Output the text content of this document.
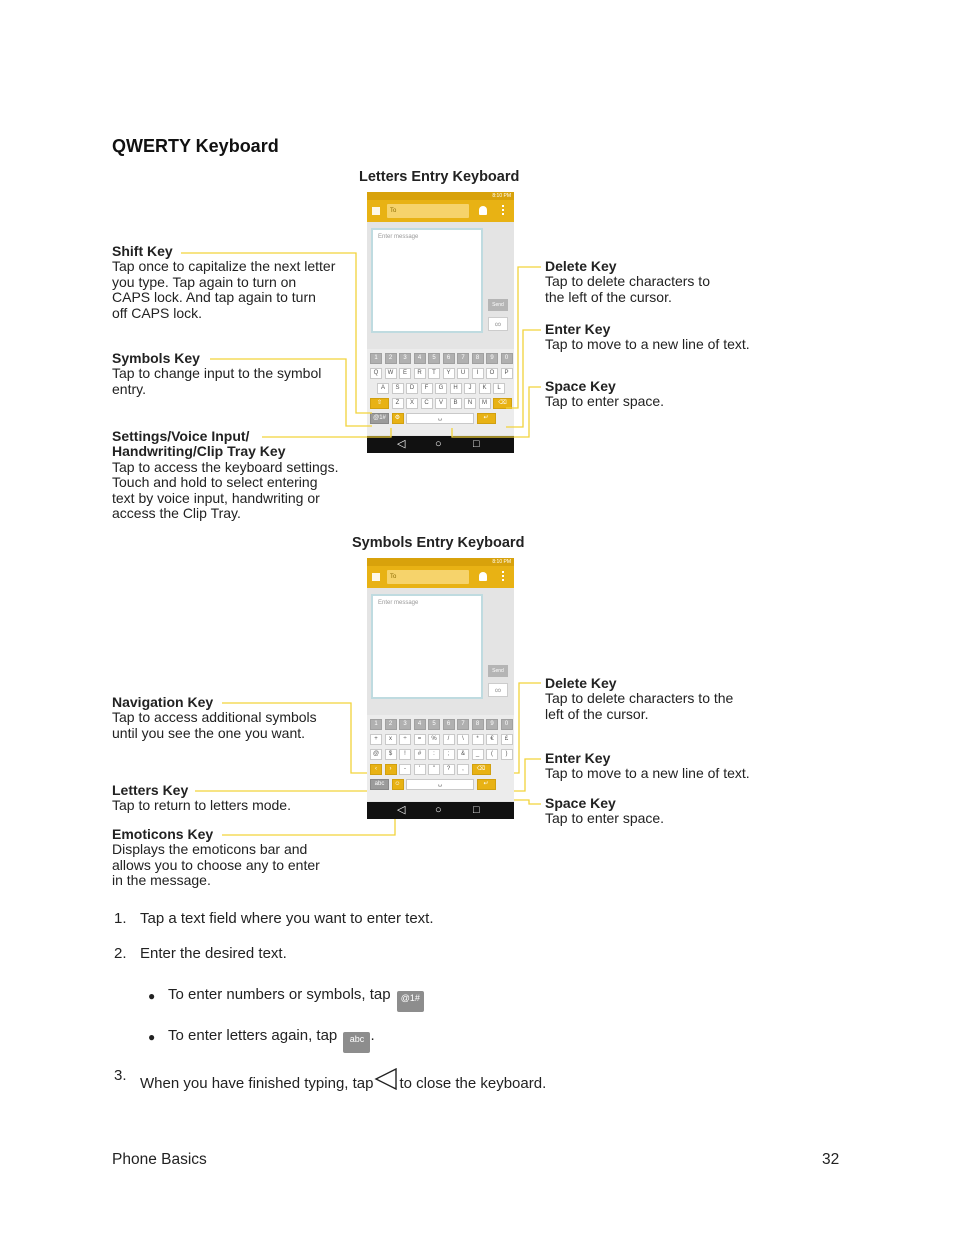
QWERTY Keyboard
Letters Entry Keyboard
8:10 PM
To
Enter message
Send
∞
1	2	3	4	5	6	7	8	9	0
Q	W	E	R	T	Y	U	I	O	P
A	S	D	F	G	H	J	K	L
⇧	Z	X	C	V	B	N	M	⌫
@1#	⚙	␣	↵
◁	○	□
Shift Key
Tap once to capitalize the next letter
you type. Tap again to turn on
CAPS lock. And tap again to turn
off CAPS lock.
Symbols Key
Tap to change input to the symbol
entry.
Settings/Voice Input/
Handwriting/Clip Tray Key
Tap to access the keyboard settings.
Touch and hold to select entering
text by voice input, handwriting or
access the Clip Tray.
Delete Key
Tap to delete characters to
the left of the cursor.
Enter Key
Tap to move to a new line of text.
Space Key
Tap to enter space.
Symbols Entry Keyboard
8:10 PM
To
Enter message
Send
∞
1	2	3	4	5	6	7	8	9	0
+	x	÷	=	%	/	\	*	€	£
@	$	!	#	:	;	&	_	(	)
‹	›	-	'	"	?	,	⌫
abc	☺	␣	↵
◁	○	□
Navigation Key
Tap to access additional symbols
until you see the one you want.
Letters Key
Tap to return to letters mode.
Emoticons Key
Displays the emoticons bar and
allows you to choose any to enter
in the message.
Delete Key
Tap to delete characters to the
left of the cursor.
Enter Key
Tap to move to a new line of text.
Space Key
Tap to enter space.
1. Tap a text field where you want to enter text.
2. Enter the desired text.
● To enter numbers or symbols, tap @1#
● To enter letters again, tap abc .
3. When you have finished typing, tap to close the keyboard.
Phone Basics	32
